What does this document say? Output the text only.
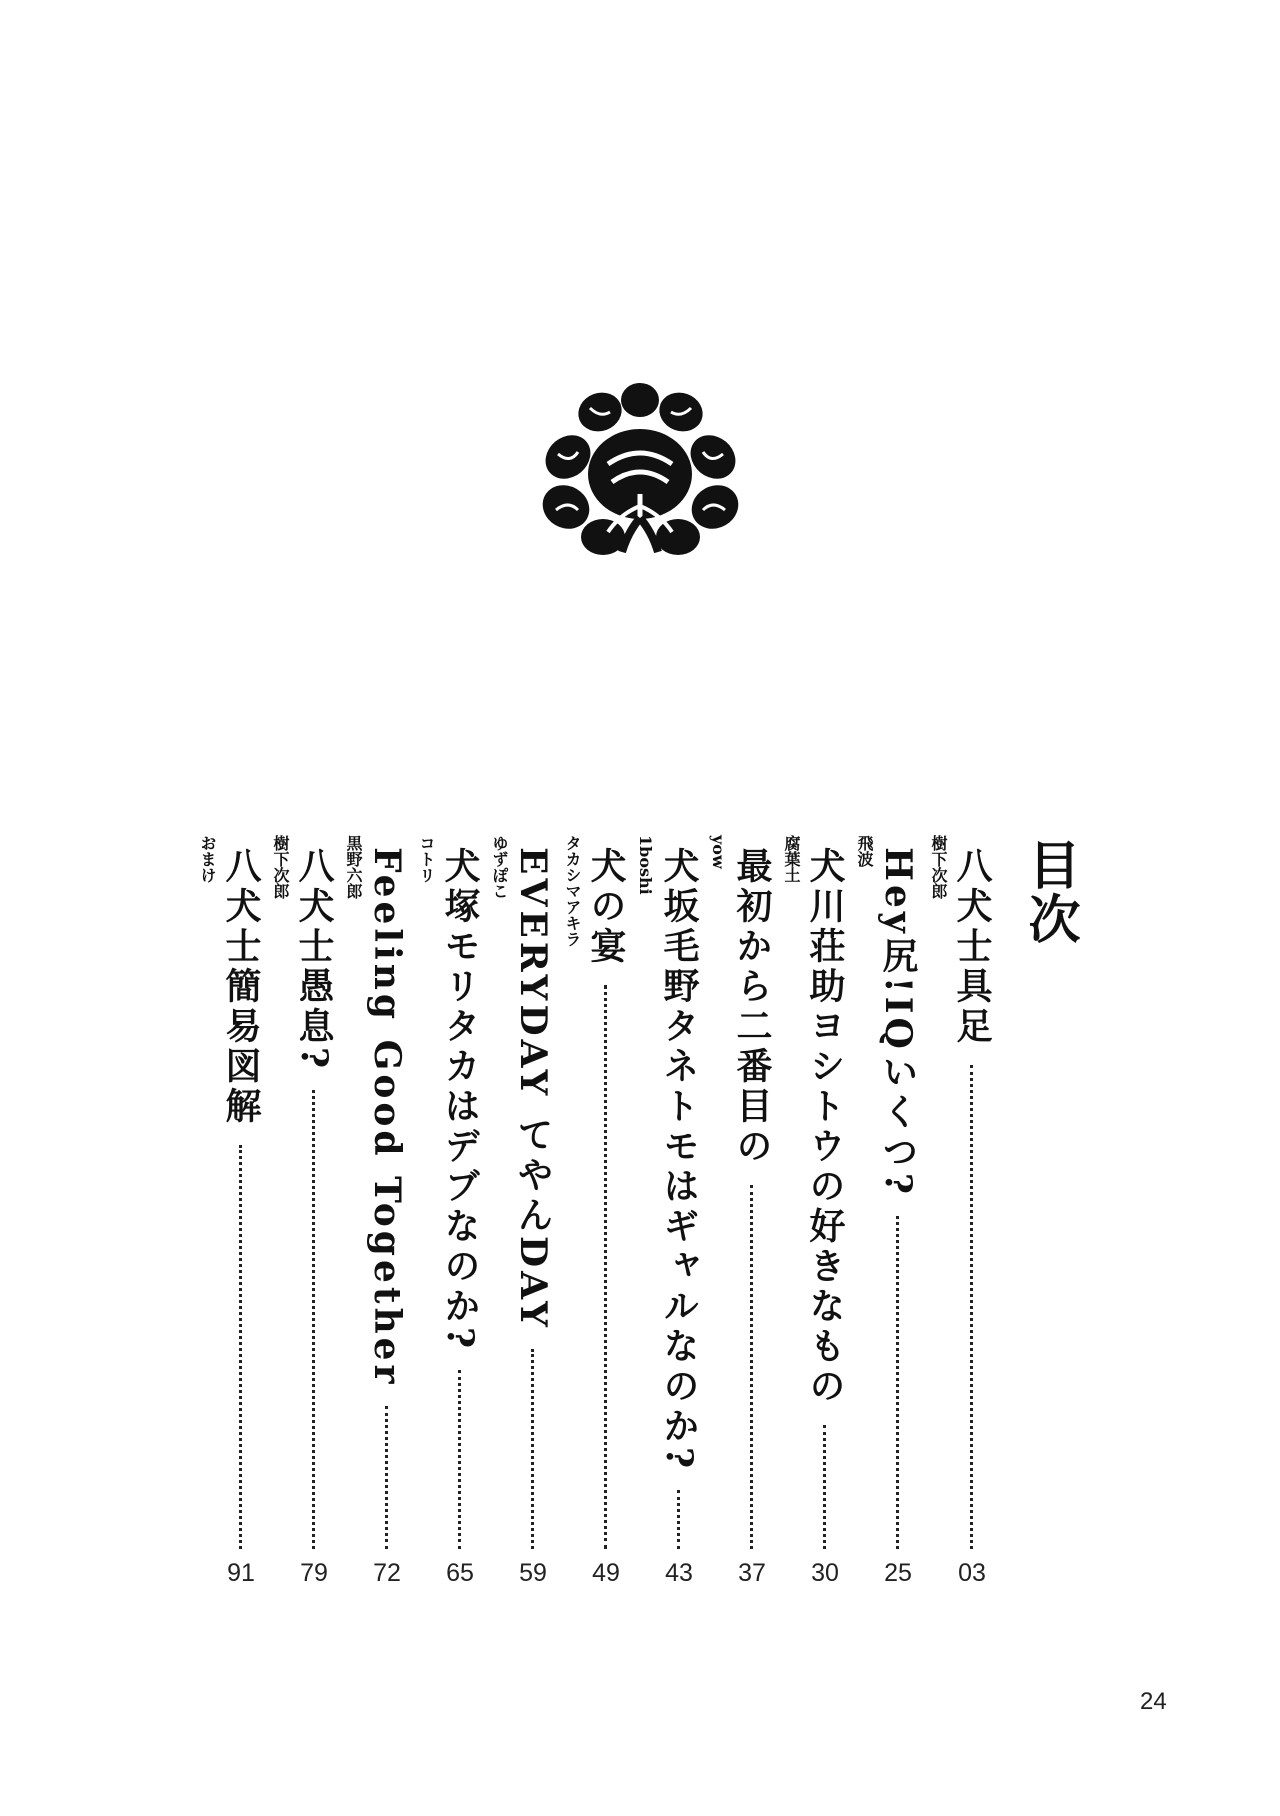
目次
樹下次郎 八犬士具足
03
飛波 Hey尻!IQいくつ?
25
腐葉土 犬川荘助ヨシトウの好きなもの
30
yow 最初から二番目の
37
1boshi 犬坂毛野タネトモはギャルなのか?
43
タカシマアキラ 犬の宴
49
ゆずぽこ EVERYDAY てやんDAY
59
コトリ 犬塚モリタカはデブなのか?
65
黒野六郎 Feeling Good Together
72
樹下次郎 八犬士愚息?
79
おまけ 八犬士簡易図解
91
24
